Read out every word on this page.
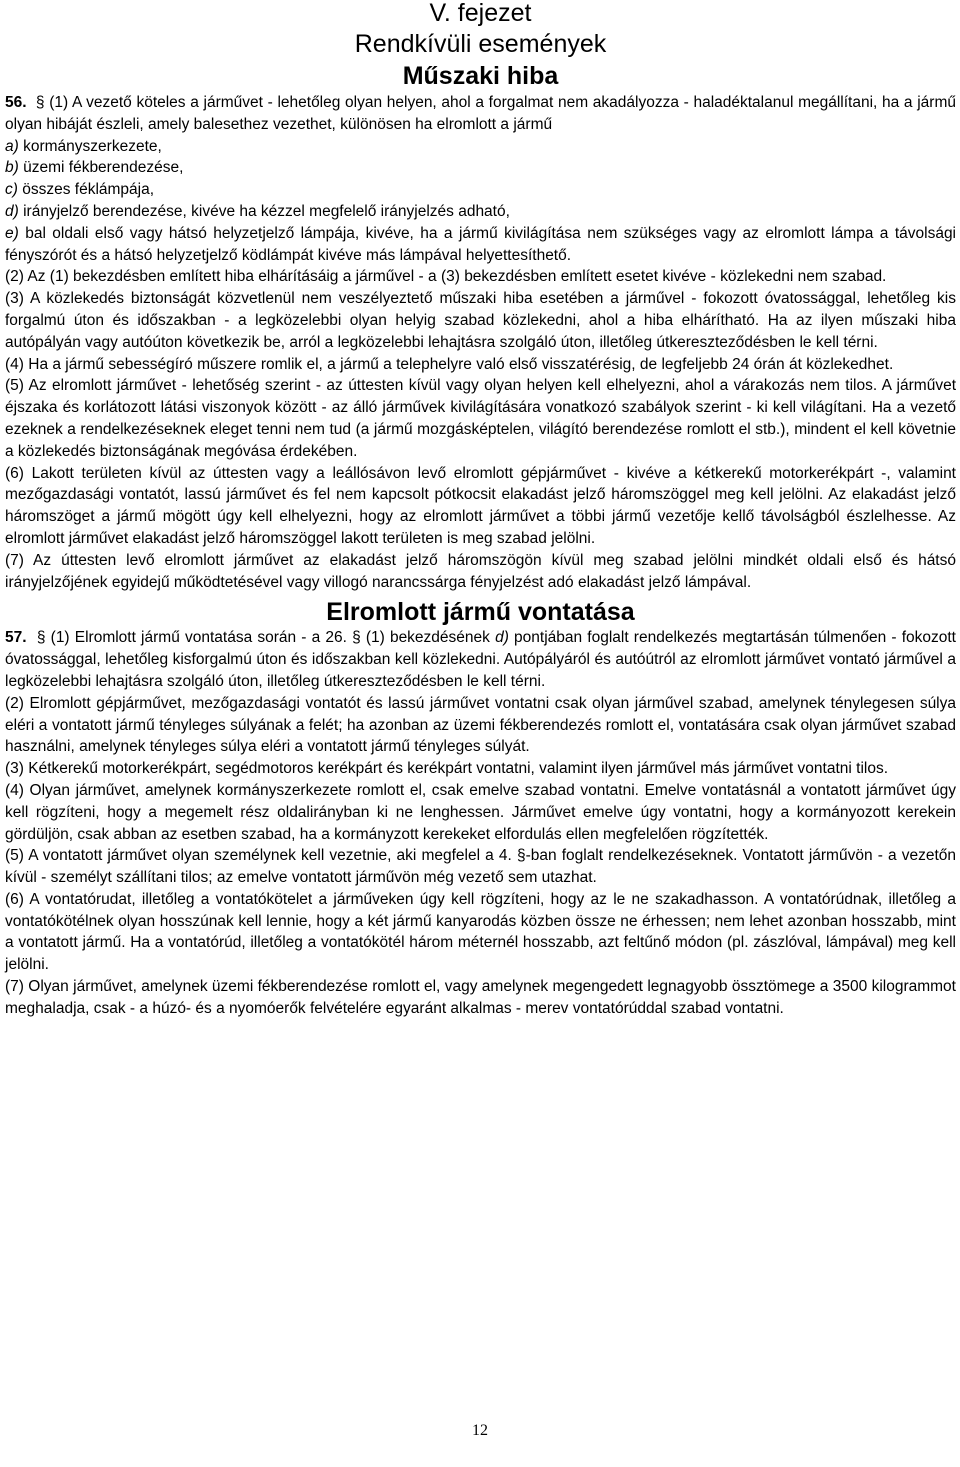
V. fejezet
Rendkívüli események
Műszaki hiba

56. § (1) A vezető köteles a járművet - lehetőleg olyan helyen, ahol a forgalmat nem akadályozza - haladéktalanul megállítani, ha a jármű olyan hibáját észleli, amely balesethez vezethet, különösen ha elromlott a jármű

a) kormányszerkezete,

b) üzemi fékberendezése,

c) összes féklámpája,

d) irányjelző berendezése, kivéve ha kézzel megfelelő irányjelzés adható,

e) bal oldali első vagy hátsó helyzetjelző lámpája, kivéve, ha a jármű kivilágítása nem szükséges vagy az elromlott lámpa a távolsági fényszórót és a hátsó helyzetjelző ködlámpát kivéve más lámpával helyettesíthető.

(2) Az (1) bekezdésben említett hiba elhárításáig a járművel - a (3) bekezdésben említett esetet kivéve - közlekedni nem szabad.

(3) A közlekedés biztonságát közvetlenül nem veszélyeztető műszaki hiba esetében a járművel - fokozott óvatossággal, lehetőleg kis forgalmú úton és időszakban - a legközelebbi olyan helyig szabad közlekedni, ahol a hiba elhárítható. Ha az ilyen műszaki hiba autópályán vagy autóúton következik be, arról a legközelebbi lehajtásra szolgáló úton, illetőleg útkereszteződésben le kell térni.

(4) Ha a jármű sebességíró műszere romlik el, a jármű a telephelyre való első visszatérésig, de legfeljebb 24 órán át közlekedhet.

(5) Az elromlott járművet - lehetőség szerint - az úttesten kívül vagy olyan helyen kell elhelyezni, ahol a várakozás nem tilos. A járművet éjszaka és korlátozott látási viszonyok között - az álló járművek kivilágítására vonatkozó szabályok szerint - ki kell világítani. Ha a vezető ezeknek a rendelkezéseknek eleget tenni nem tud (a jármű mozgásképtelen, világító berendezése romlott el stb.), mindent el kell követnie a közlekedés biztonságának megóvása érdekében.

(6) Lakott területen kívül az úttesten vagy a leállósávon levő elromlott gépjárművet - kivéve a kétkerekű motorkerékpárt -, valamint mezőgazdasági vontatót, lassú járművet és fel nem kapcsolt pótkocsit elakadást jelző háromszöggel meg kell jelölni. Az elakadást jelző háromszöget a jármű mögött úgy kell elhelyezni, hogy az elromlott járművet a többi jármű vezetője kellő távolságból észlelhesse. Az elromlott járművet elakadást jelző háromszöggel lakott területen is meg szabad jelölni.

(7) Az úttesten levő elromlott járművet az elakadást jelző háromszögön kívül meg szabad jelölni mindkét oldali első és hátsó irányjelzőjének egyidejű működtetésével vagy villogó narancssárga fényjelzést adó elakadást jelző lámpával.

Elromlott jármű vontatása

57. § (1) Elromlott jármű vontatása során - a 26. § (1) bekezdésének d) pontjában foglalt rendelkezés megtartásán túlmenően - fokozott óvatossággal, lehetőleg kisforgalmú úton és időszakban kell közlekedni. Autópályáról és autóútról az elromlott járművet vontató járművel a legközelebbi lehajtásra szolgáló úton, illetőleg útkereszteződésben le kell térni.

(2) Elromlott gépjárművet, mezőgazdasági vontatót és lassú járművet vontatni csak olyan járművel szabad, amelynek ténylegesen súlya eléri a vontatott jármű tényleges súlyának a felét; ha azonban az üzemi fékberendezés romlott el, vontatására csak olyan járművet szabad használni, amelynek tényleges súlya eléri a vontatott jármű tényleges súlyát.

(3) Kétkerekű motorkerékpárt, segédmotoros kerékpárt és kerékpárt vontatni, valamint ilyen járművel más járművet vontatni tilos.

(4) Olyan járművet, amelynek kormányszerkezete romlott el, csak emelve szabad vontatni. Emelve vontatásnál a vontatott járművet úgy kell rögzíteni, hogy a megemelt rész oldalirányban ki ne lenghessen. Járművet emelve úgy vontatni, hogy a kormányozott kerekein gördüljön, csak abban az esetben szabad, ha a kormányzott kerekeket elfordulás ellen megfelelően rögzítették.

(5) A vontatott járművet olyan személynek kell vezetnie, aki megfelel a 4. §-ban foglalt rendelkezéseknek. Vontatott járművön - a vezetőn kívül - személyt szállítani tilos; az emelve vontatott járművön még vezető sem utazhat.

(6) A vontatórudat, illetőleg a vontatókötelet a járműveken úgy kell rögzíteni, hogy az le ne szakadhasson. A vontatórúdnak, illetőleg a vontatókötélnek olyan hosszúnak kell lennie, hogy a két jármű kanyarodás közben össze ne érhessen; nem lehet azonban hosszabb, mint a vontatott jármű. Ha a vontatórúd, illetőleg a vontatókötél három méternél hosszabb, azt feltűnő módon (pl. zászlóval, lámpával) meg kell jelölni.

(7) Olyan járművet, amelynek üzemi fékberendezése romlott el, vagy amelynek megengedett legnagyobb össztömege a 3500 kilogrammot meghaladja, csak - a húzó- és a nyomóerők felvételére egyaránt alkalmas - merev vontatórúddal szabad vontatni.

12
